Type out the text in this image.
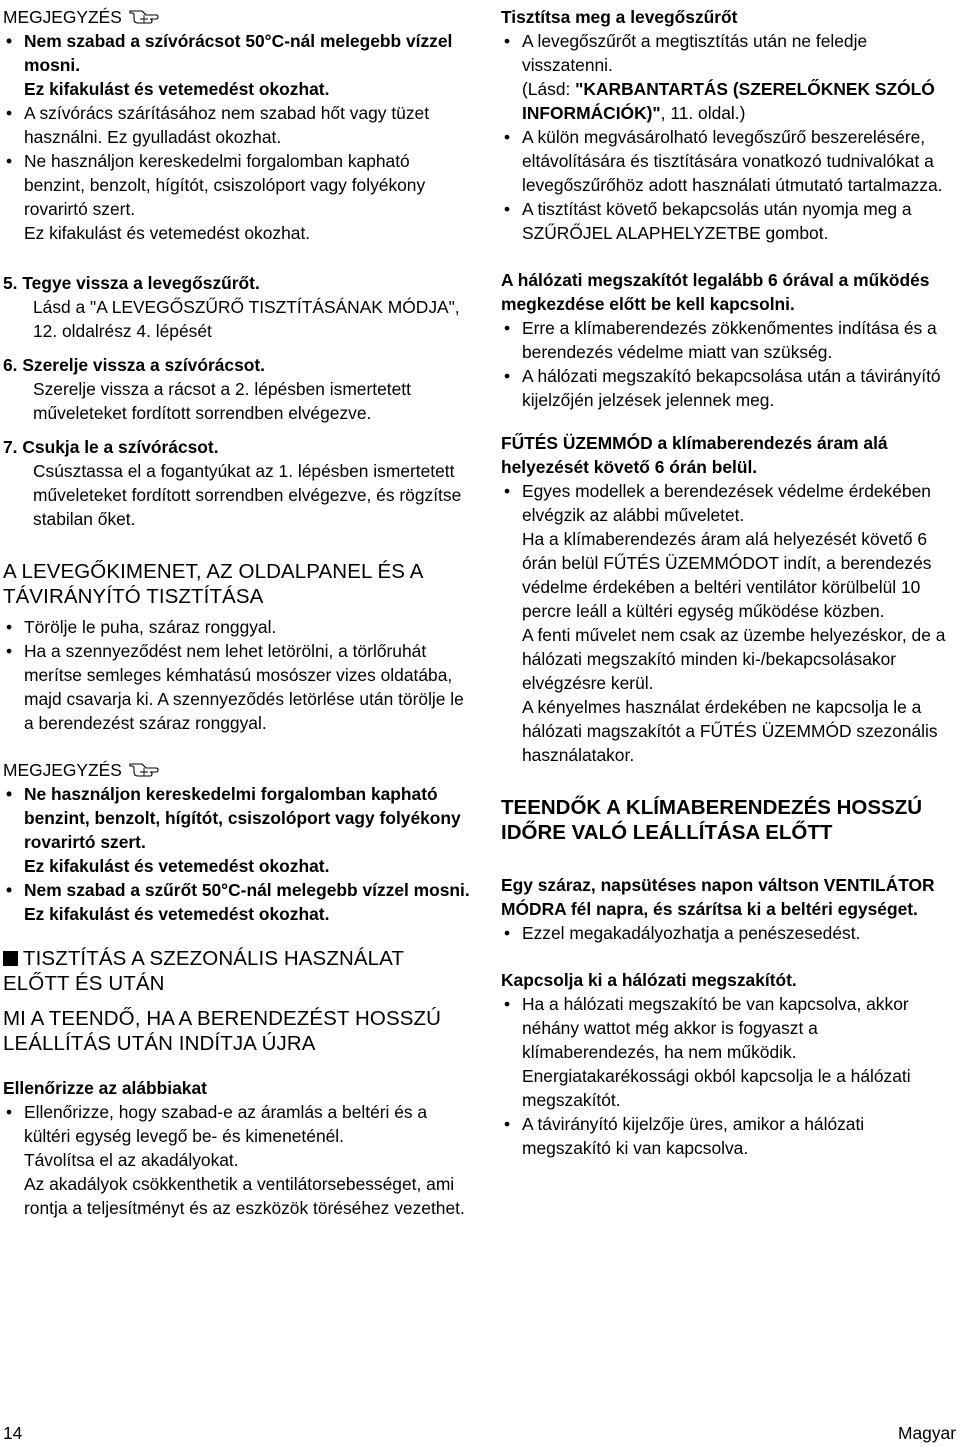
MEGJEGYZÉS
• Nem szabad a szívórácsot 50°C-nál melegebb vízzel mosni.
Ez kifakulást és vetemedést okozhat.
• A szívórács szárításához nem szabad hőt vagy tüzet használni. Ez gyulladást okozhat.
• Ne használjon kereskedelmi forgalomban kapható benzint, benzolt, hígítót, csiszolóport vagy folyékony rovarirtó szert.
Ez kifakulást és vetemedést okozhat.

5. Tegye vissza a levegőszűrőt.

Lásd a "A LEVEGŐSZŰRŐ TISZTÍTÁSÁNAK MÓDJA", 12. oldalrész 4. lépését

6. Szerelje vissza a szívórácsot.

Szerelje vissza a rácsot a 2. lépésben ismertetett műveleteket fordított sorrendben elvégezve.

7. Csukja le a szívórácsot.

Csúsztassa el a fogantyúkat az 1. lépésben ismertetett műveleteket fordított sorrendben elvégezve, és rögzítse stabilan őket.

A LEVEGŐKIMENET, AZ OLDALPANEL ÉS A TÁVIRÁNYÍTÓ TISZTÍTÁSA

• Törölje le puha, száraz ronggyal.
• Ha a szennyeződést nem lehet letörölni, a törlőruhát merítse semleges kémhatású mosószer vizes oldatába, majd csavarja ki. A szennyeződés letörlése után törölje le a berendezést száraz ronggyal.
MEGJEGYZÉS
• Ne használjon kereskedelmi forgalomban kapható benzint, benzolt, hígítót, csiszolóport vagy folyékony rovarirtó szert.
Ez kifakulást és vetemedést okozhat.
• Nem szabad a szűrőt 50°C-nál melegebb vízzel mosni. Ez kifakulást és vetemedést okozhat.

TISZTÍTÁS A SZEZONÁLIS HASZNÁLAT ELŐTT ÉS UTÁN

MI A TEENDŐ, HA A BERENDEZÉST HOSSZÚ LEÁLLÍTÁS UTÁN INDÍTJA ÚJRA

Ellenőrizze az alábbiakat

• Ellenőrizze, hogy szabad-e az áramlás a beltéri és a kültéri egység levegő be- és kimeneténél.

Távolítsa el az akadályokat.

Az akadályok csökkenthetik a ventilátorsebességet, ami rontja a teljesítményt és az eszközök töréséhez vezethet.

Tisztítsa meg a levegőszűrőt

• A levegőszűrőt a megtisztítás után ne feledje visszatenni.
(Lásd: "KARBANTARTÁS (SZERELŐKNEK SZÓLÓ INFORMÁCIÓK)", 11. oldal.)
• A külön megvásárolható levegőszűrő beszerelésére, eltávolítására és tisztítására vonatkozó tudnivalókat a levegőszűrőhöz adott használati útmutató tartalmazza.
• A tisztítást követő bekapcsolás után nyomja meg a SZŰRŐJEL ALAPHELYZETBE gombot.

A hálózati megszakítót legalább 6 órával a működés megkezdése előtt be kell kapcsolni.

• Erre a klímaberendezés zökkenőmentes indítása és a berendezés védelme miatt van szükség.
• A hálózati megszakító bekapcsolása után a távirányító kijelzőjén jelzések jelennek meg.

FŰTÉS ÜZEMMÓD a klímaberendezés áram alá helyezését követő 6 órán belül.

• Egyes modellek a berendezések védelme érdekében elvégzik az alábbi műveletet.

Ha a klímaberendezés áram alá helyezését követő 6 órán belül FŰTÉS ÜZEMMÓDOT indít, a berendezés védelme érdekében a beltéri ventilátor körülbelül 10 percre leáll a kültéri egység működése közben.

A fenti művelet nem csak az üzembe helyezéskor, de a hálózati megszakító minden ki-/bekapcsolásakor elvégzésre kerül.

A kényelmes használat érdekében ne kapcsolja le a hálózati magszakítót a FŰTÉS ÜZEMMÓD szezonális használatakor.

TEENDŐK A KLÍMABERENDEZÉS HOSSZÚ IDŐRE VALÓ LEÁLLÍTÁSA ELŐTT

Egy száraz, napsütéses napon váltson VENTILÁTOR MÓDRA fél napra, és szárítsa ki a beltéri egységet.

• Ezzel megakadályozhatja a penészesedést.

Kapcsolja ki a hálózati megszakítót.

• Ha a hálózati megszakító be van kapcsolva, akkor néhány wattot még akkor is fogyaszt a klímaberendezés, ha nem működik.
Energiatakarékossági okból kapcsolja le a hálózati megszakítót.
• A távirányító kijelzője üres, amikor a hálózati megszakító ki van kapcsolva.
14	Magyar
